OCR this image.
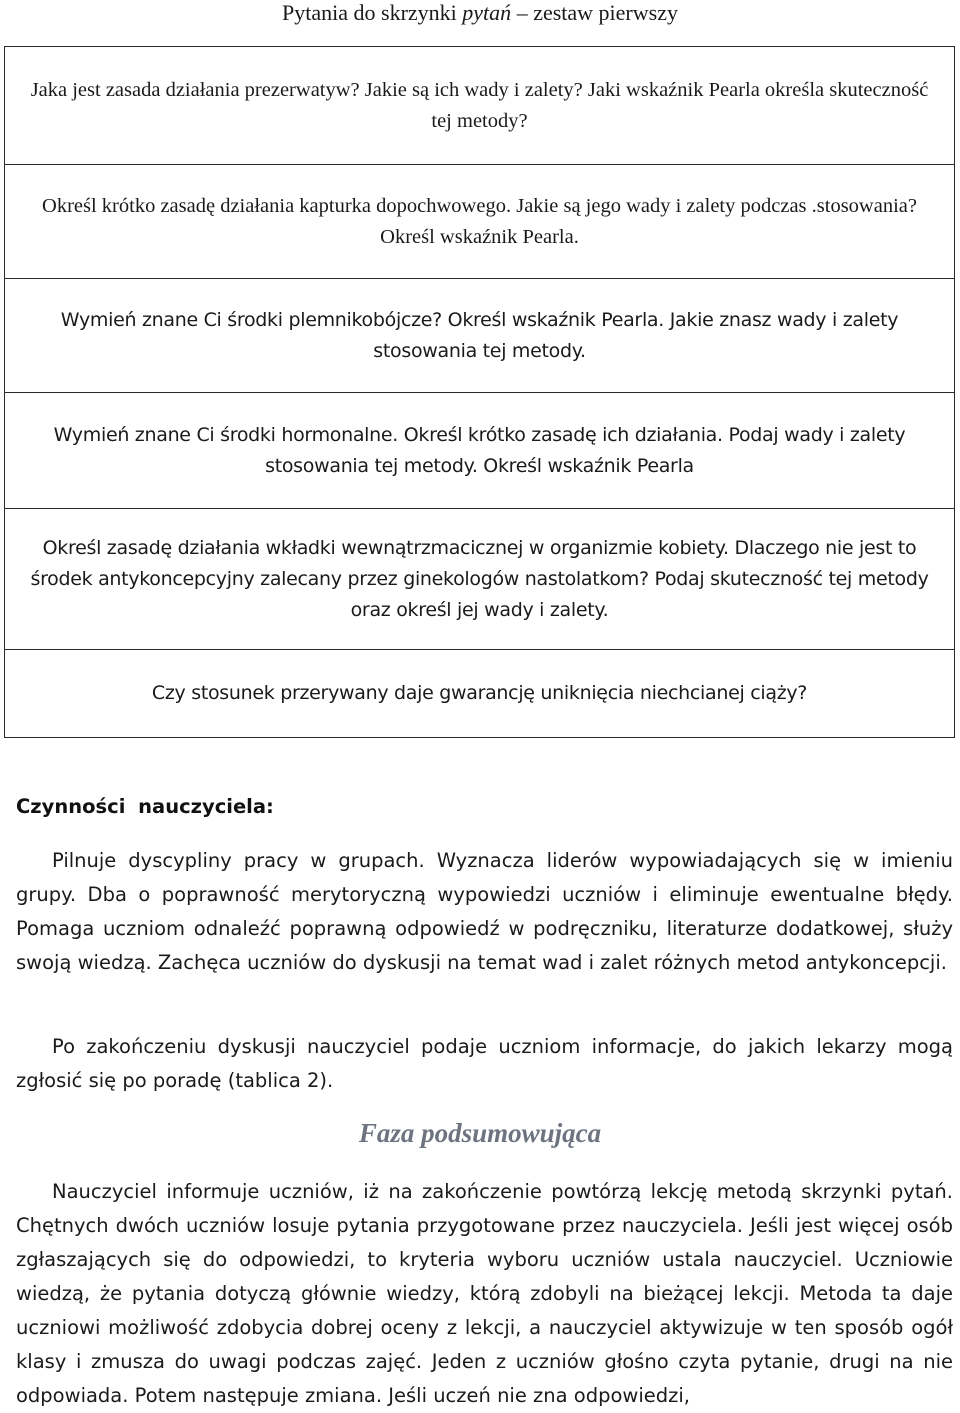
Pytania do skrzynki pytań – zestaw pierwszy
Jaka jest zasada działania prezerwatyw? Jakie są ich wady i zalety? Jaki wskaźnik Pearla określa skuteczność tej metody?
Określ krótko zasadę działania kapturka dopochwowego. Jakie są jego wady i zalety podczas .stosowania? Określ wskaźnik Pearla.
Wymień znane Ci środki plemnikobójcze? Określ wskaźnik Pearla. Jakie znasz wady i zalety stosowania tej metody.
Wymień znane Ci środki hormonalne. Określ krótko zasadę ich działania. Podaj wady i zalety stosowania tej metody. Określ wskaźnik Pearla
Określ zasadę działania wkładki wewnątrzmacicznej w organizmie kobiety. Dlaczego nie jest to środek antykoncepcyjny zalecany przez ginekologów nastolatkom? Podaj skuteczność tej metody oraz określ jej wady i zalety.
Czy stosunek przerywany daje gwarancję uniknięcia niechcianej ciąży?
Czynności nauczyciela:
Pilnuje dyscypliny pracy w grupach. Wyznacza liderów wypowiadających się w imieniu grupy. Dba o poprawność merytoryczną wypowiedzi uczniów i eliminuje ewentualne błędy. Pomaga uczniom odnaleźć poprawną odpowiedź w podręczniku, literaturze dodatkowej, służy swoją wiedzą. Zachęca uczniów do dyskusji na temat wad i zalet różnych metod antykoncepcji.
Po zakończeniu dyskusji nauczyciel podaje uczniom informacje, do jakich lekarzy mogą zgłosić się po poradę (tablica 2).
Faza podsumowująca
Nauczyciel informuje uczniów, iż na zakończenie powtórzą lekcję metodą skrzynki pytań. Chętnych dwóch uczniów losuje pytania przygotowane przez nauczyciela. Jeśli jest więcej osób zgłaszających się do odpowiedzi, to kryteria wyboru uczniów ustala nauczyciel. Uczniowie wiedzą, że pytania dotyczą głównie wiedzy, którą zdobyli na bieżącej lekcji. Metoda ta daje uczniowi możliwość zdobycia dobrej oceny z lekcji, a nauczyciel aktywizuje w ten sposób ogół klasy i zmusza do uwagi podczas zajęć. Jeden z uczniów głośno czyta pytanie, drugi na nie odpowiada. Potem następuje zmiana. Jeśli uczeń nie zna odpowiedzi,
